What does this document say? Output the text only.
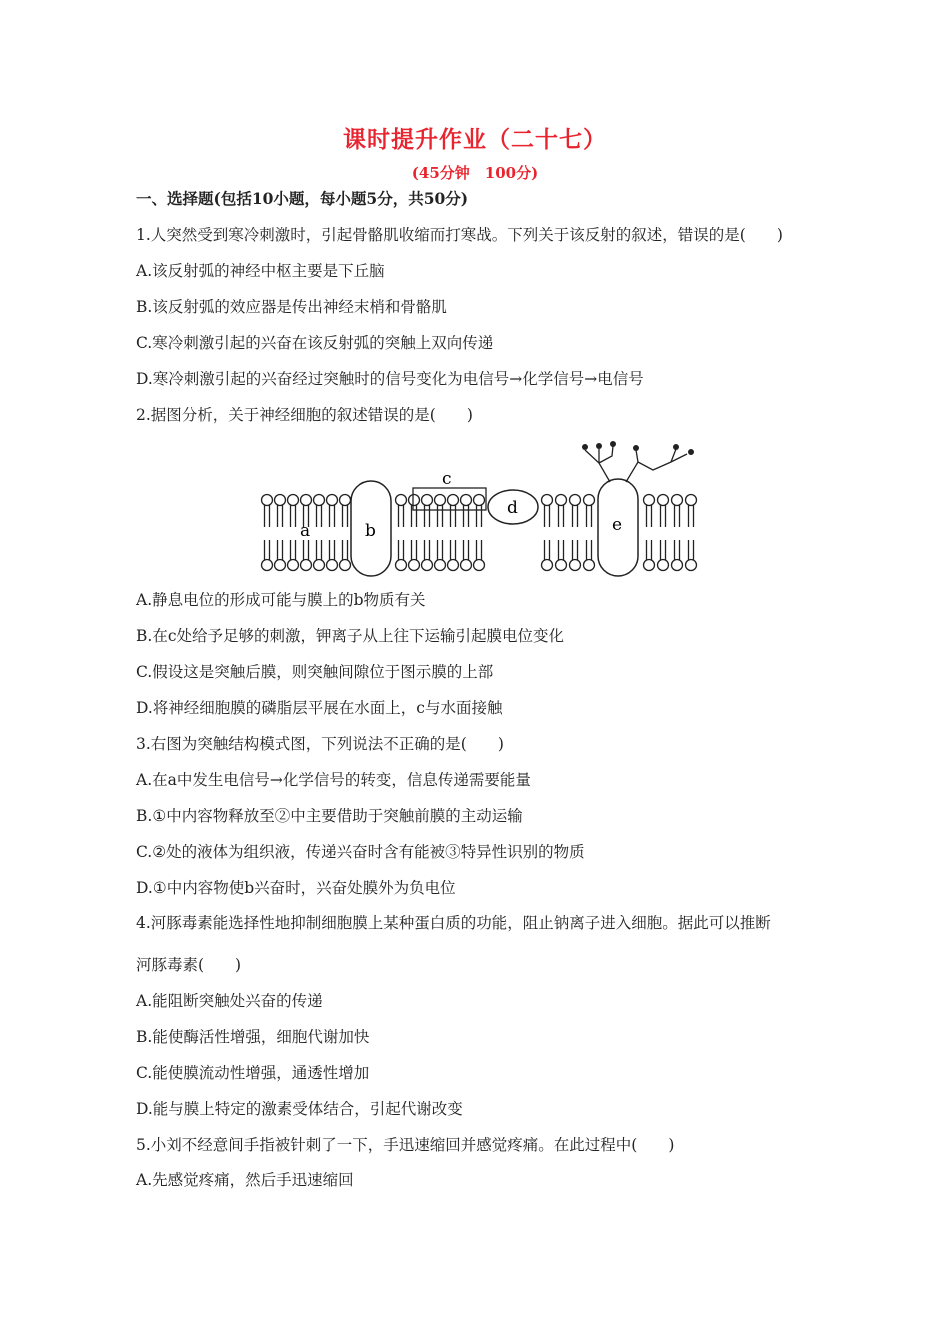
课时提升作业（二十七）
(45分钟　100分)
一、选择题(包括10小题，每小题5分，共50分)
1.人突然受到寒冷刺激时，引起骨骼肌收缩而打寒战。下列关于该反射的叙述，错误的是(　　)
A.该反射弧的神经中枢主要是下丘脑
B.该反射弧的效应器是传出神经末梢和骨骼肌
C.寒冷刺激引起的兴奋在该反射弧的突触上双向传递
D.寒冷刺激引起的兴奋经过突触时的信号变化为电信号→化学信号→电信号
2.据图分析，关于神经细胞的叙述错误的是(　　)
a	b
c
d
e
A.静息电位的形成可能与膜上的b物质有关
B.在c处给予足够的刺激，钾离子从上往下运输引起膜电位变化
C.假设这是突触后膜，则突触间隙位于图示膜的上部
D.将神经细胞膜的磷脂层平展在水面上，c与水面接触
3.右图为突触结构模式图，下列说法不正确的是(　　)
A.在a中发生电信号→化学信号的转变，信息传递需要能量
B.①中内容物释放至②中主要借助于突触前膜的主动运输
C.②处的液体为组织液，传递兴奋时含有能被③特异性识别的物质
D.①中内容物使b兴奋时，兴奋处膜外为负电位
4.河豚毒素能选择性地抑制细胞膜上某种蛋白质的功能，阻止钠离子进入细胞。据此可以推断
河豚毒素(　　)
A.能阻断突触处兴奋的传递
B.能使酶活性增强，细胞代谢加快
C.能使膜流动性增强，通透性增加
D.能与膜上特定的激素受体结合，引起代谢改变
5.小刘不经意间手指被针刺了一下，手迅速缩回并感觉疼痛。在此过程中(　　)
A.先感觉疼痛，然后手迅速缩回
